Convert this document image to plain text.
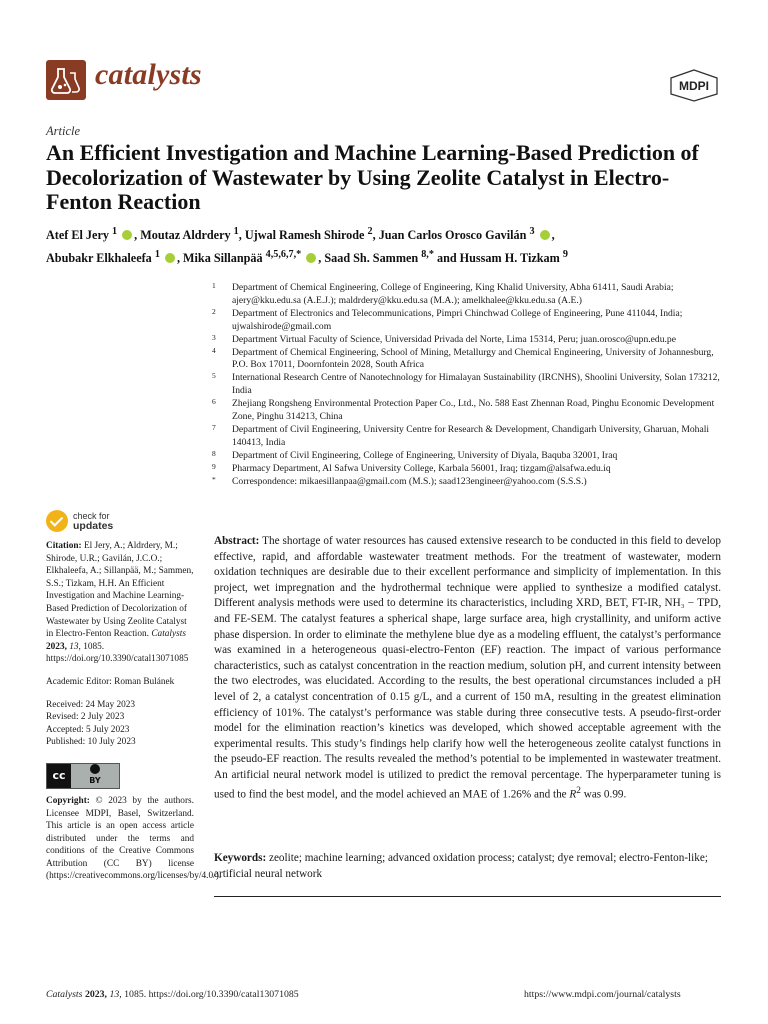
catalysts	MDPI
Article
An Efficient Investigation and Machine Learning-Based Prediction of Decolorization of Wastewater by Using Zeolite Catalyst in Electro-Fenton Reaction
Atef El Jery $^1$ , Moutaz Aldrdery $^1$, Ujwal Ramesh Shirode $^2$, Juan Carlos Orosco Gavilán $^3$ ,
Abubakr Elkhaleefa $^1$ , Mika Sillanpää $^{4,5,6,7,*}$ , Saad Sh. Sammen $^{8,*}$ and Hussam H. Tizkam $^9$
1	Department of Chemical Engineering, College of Engineering, King Khalid University, Abha 61411, Saudi Arabia; ajery@kku.edu.sa (A.E.J.); maldrdery@kku.edu.sa (M.A.); amelkhalee@kku.edu.sa (A.E.)
2	Department of Electronics and Telecommunications, Pimpri Chinchwad College of Engineering, Pune 411044, India; ujwalshirode@gmail.com
3	Department Virtual Faculty of Science, Universidad Privada del Norte, Lima 15314, Peru; juan.orosco@upn.edu.pe
4	Department of Chemical Engineering, School of Mining, Metallurgy and Chemical Engineering, University of Johannesburg, P.O. Box 17011, Doornfontein 2028, South Africa
5	International Research Centre of Nanotechnology for Himalayan Sustainability (IRCNHS), Shoolini University, Solan 173212, India
6	Zhejiang Rongsheng Environmental Protection Paper Co., Ltd., No. 588 East Zhennan Road, Pinghu Economic Development Zone, Pinghu 314213, China
7	Department of Civil Engineering, University Centre for Research & Development, Chandigarh University, Gharuan, Mohali 140413, India
8	Department of Civil Engineering, College of Engineering, University of Diyala, Baquba 32001, Iraq
9	Pharmacy Department, Al Safwa University College, Karbala 56001, Iraq; tizgam@alsafwa.edu.iq
*	Correspondence: mikaesillanpaa@gmail.com (M.S.); saad123engineer@yahoo.com (S.S.S.)
check for
updates

Citation: El Jery, A.; Aldrdery, M.; Shirode, U.R.; Gavilán, J.C.O.; Elkhaleefa, A.; Sillanpää, M.; Sammen, S.S.; Tizkam, H.H. An Efficient Investigation and Machine Learning-Based Prediction of Decolorization of Wastewater by Using Zeolite Catalyst in Electro-Fenton Reaction. Catalysts 2023, 13, 1085. https://doi.org/10.3390/catal13071085

Academic Editor: Roman Bulánek

Received: 24 May 2023

Revised: 2 July 2023

Accepted: 5 July 2023

Published: 10 July 2023

cc	BY

Copyright: © 2023 by the authors. Licensee MDPI, Basel, Switzerland. This article is an open access article distributed under the terms and conditions of the Creative Commons Attribution (CC BY) license (https://creativecommons.org/licenses/by/4.0/).

Abstract: The shortage of water resources has caused extensive research to be conducted in this field to develop effective, rapid, and affordable wastewater treatment methods. For the treatment of wastewater, modern oxidation techniques are desirable due to their excellent performance and simplicity of implementation. In this project, wet impregnation and the hydrothermal technique were applied to synthesize a modified catalyst. Different analysis methods were used to determine its characteristics, including XRD, BET, FT-IR, NH₃ − TPD, and FE-SEM. The catalyst features a spherical shape, large surface area, high crystallinity, and uniform active phase dispersion. In order to eliminate the methylene blue dye as a modeling effluent, the catalyst’s performance was examined in a heterogeneous quasi-electro-Fenton (EF) reaction. The impact of various performance characteristics, such as catalyst concentration in the reaction medium, solution pH, and current intensity between the two electrodes, was elucidated. According to the results, the best operational circumstances included a pH level of 2, a catalyst concentration of 0.15 g/L, and a current of 150 mA, resulting in the greatest elimination efficiency of 101%. The catalyst’s performance was stable during three consecutive tests. A pseudo-first-order model for the elimination reaction’s kinetics was developed, which showed acceptable agreement with the experimental results. This study’s findings help clarify how well the heterogeneous zeolite catalyst functions in the pseudo-EF reaction. The results revealed the method’s potential to be implemented in wastewater treatment. An artificial neural network model is utilized to predict the removal percentage. The hyperparameter tuning is used to find the best model, and the model achieved an MAE of 1.26% and the $R^2$ was 0.99.
Keywords: zeolite; machine learning; advanced oxidation process; catalyst; dye removal; electro-Fenton-like; artificial neural network
Catalysts 2023, 13, 1085. https://doi.org/10.3390/catal13071085	https://www.mdpi.com/journal/catalysts
